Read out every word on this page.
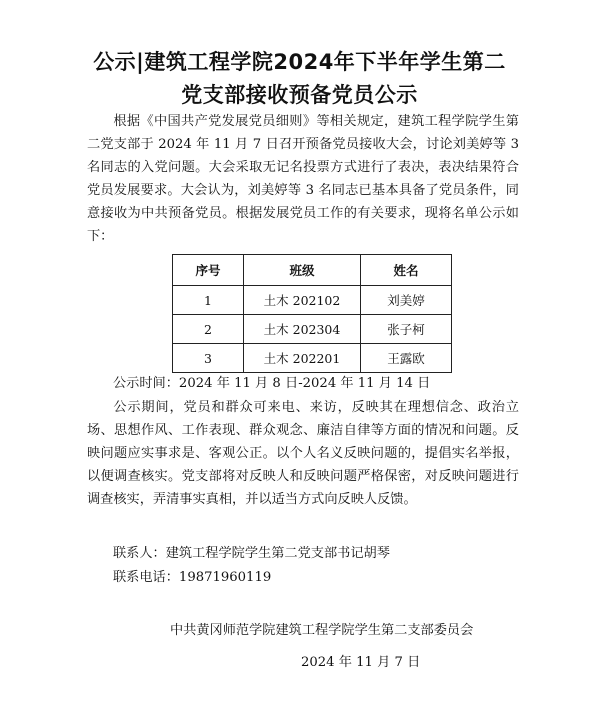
公示|建筑工程学院2024年下半年学生第二
党支部接收预备党员公示
根据《中国共产党发展党员细则》等相关规定，建筑工程学院学生第二党支部于 2024 年 11 月 7 日召开预备党员接收大会，讨论刘美婷等 3 名同志的入党问题。大会采取无记名投票方式进行了表决，表决结果符合党员发展要求。大会认为，刘美婷等 3 名同志已基本具备了党员条件，同意接收为中共预备党员。根据发展党员工作的有关要求，现将名单公示如下：
序号	班级	姓名
1	土木 202102	刘美婷
2	土木 202304	张子柯
3	土木 202201	王露欧
公示时间：2024 年 11 月 8 日-2024 年 11 月 14 日
公示期间，党员和群众可来电、来访，反映其在理想信念、政治立场、思想作风、工作表现、群众观念、廉洁自律等方面的情况和问题。反映问题应实事求是、客观公正。以个人名义反映问题的，提倡实名举报，以便调查核实。党支部将对反映人和反映问题严格保密，对反映问题进行调查核实，弄清事实真相，并以适当方式向反映人反馈。
联系人：建筑工程学院学生第二党支部书记胡琴
联系电话：19871960119
中共黄冈师范学院建筑工程学院学生第二支部委员会
2024 年 11 月 7 日
